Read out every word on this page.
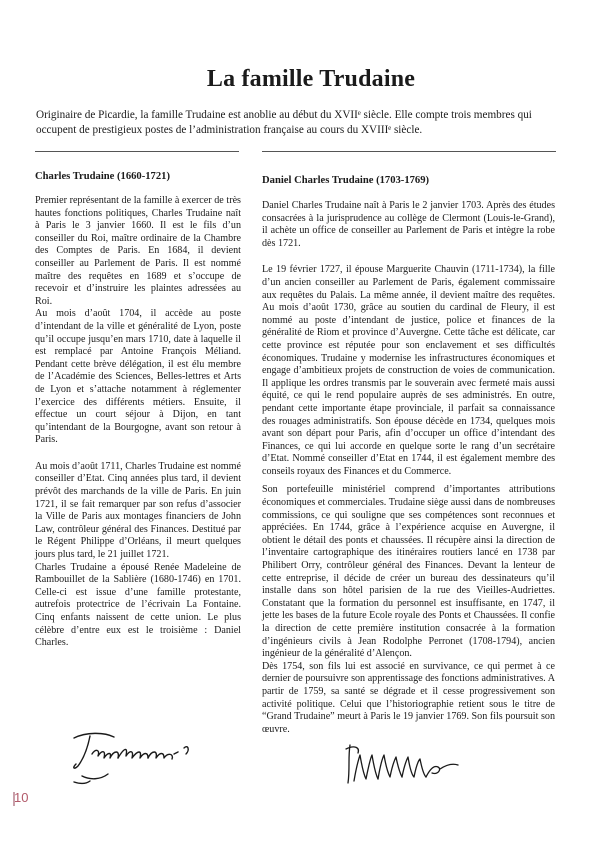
La famille Trudaine
Originaire de Picardie, la famille Trudaine est anoblie au début du XVIIᵉ siècle. Elle compte trois membres qui occupent de prestigieux postes de l’administration française au cours du XVIIIᵉ siècle.
Charles Trudaine (1660-1721)	Daniel Charles Trudaine (1703-1769)

Premier représentant de la famille à exercer de très hautes fonctions politiques, Charles Trudaine naît à Paris le 3 janvier 1660. Il est le fils d’un conseiller du Roi, maître ordinaire de la Chambre des Comptes de Paris. En 1684, il devient conseiller au Parlement de Paris. Il est nommé maître des requêtes en 1689 et s’occupe de recevoir et d’instruire les plaintes adressées au Roi.

Au mois d’août 1704, il accède au poste d’intendant de la ville et généralité de Lyon, poste qu’il occupe jusqu’en mars 1710, date à laquelle il est remplacé par Antoine François Méliand. Pendant cette brève délégation, il est élu membre de l’Académie des Sciences, Belles-lettres et Arts de Lyon et s’attache notamment à réglementer l’exercice des différents métiers. Ensuite, il effectue un court séjour à Dijon, en tant qu’intendant de la Bourgogne, avant son retour à Paris.

Au mois d’août 1711, Charles Trudaine est nommé conseiller d’Etat. Cinq années plus tard, il devient prévôt des marchands de la ville de Paris. En juin 1721, il se fait remarquer par son refus d’associer la Ville de Paris aux montages financiers de John Law, contrôleur général des Finances. Destitué par le Régent Philippe d’Orléans, il meurt quelques jours plus tard, le 21 juillet 1721.

Charles Trudaine a épousé Renée Madeleine de Rambouillet de la Sablière (1680-1746) en 1701. Celle-ci est issue d’une famille protestante, autrefois protectrice de l’écrivain La Fontaine. Cinq enfants naissent de cette union. Le plus célèbre d’entre eux est le troisième : Daniel Charles.

Daniel Charles Trudaine naît à Paris le 2 janvier 1703. Après des études consacrées à la jurisprudence au collège de Clermont (Louis-le-Grand), il achète un office de conseiller au Parlement de Paris et intègre la robe dès 1721.

Le 19 février 1727, il épouse Marguerite Chauvin (1711-1734), la fille d’un ancien conseiller au Parlement de Paris, également commissaire aux requêtes du Palais. La même année, il devient maître des requêtes. Au mois d’août 1730, grâce au soutien du cardinal de Fleury, il est nommé au poste d’intendant de justice, police et finances de la généralité de Riom et province d’Auvergne. Cette tâche est délicate, car cette province est réputée pour son enclavement et ses difficultés économiques. Trudaine y modernise les infrastructures économiques et engage d’ambitieux projets de construction de voies de communication. Il applique les ordres transmis par le souverain avec fermeté mais aussi équité, ce qui le rend populaire auprès de ses administrés. En outre, pendant cette importante étape provinciale, il parfait sa connaissance des rouages administratifs. Son épouse décède en 1734, quelques mois avant son départ pour Paris, afin d’occuper un office d’intendant des Finances, ce qui lui accorde en quelque sorte le rang d’un secrétaire d’Etat. Nommé conseiller d’Etat en 1744, il est également membre des conseils royaux des Finances et du Commerce.

Son portefeuille ministériel comprend d’importantes attributions économiques et commerciales. Trudaine siège aussi dans de nombreuses commissions, ce qui souligne que ses compétences sont reconnues et appréciées. En 1744, grâce à l’expérience acquise en Auvergne, il obtient le détail des ponts et chaussées. Il récupère ainsi la direction de l’inventaire cartographique des itinéraires routiers lancé en 1738 par Philibert Orry, contrôleur général des Finances. Devant la lenteur de cette entreprise, il décide de créer un bureau des dessinateurs qu’il installe dans son hôtel parisien de la rue des Vieilles-Audriettes. Constatant que la formation du personnel est insuffisante, en 1747, il jette les bases de la future Ecole royale des Ponts et Chaussées. Il confie la direction de cette première institution consacrée à la formation d’ingénieurs civils à Jean Rodolphe Perronet (1708-1794), ancien ingénieur de la généralité d’Alençon.

Dès 1754, son fils lui est associé en survivance, ce qui permet à ce dernier de poursuivre son apprentissage des fonctions administratives. A partir de 1759, sa santé se dégrade et il cesse progressivement son activité politique. Celui que l’historiographie retient sous le titre de “Grand Trudaine” meurt à Paris le 19 janvier 1769. Son fils poursuit son œuvre.

10
